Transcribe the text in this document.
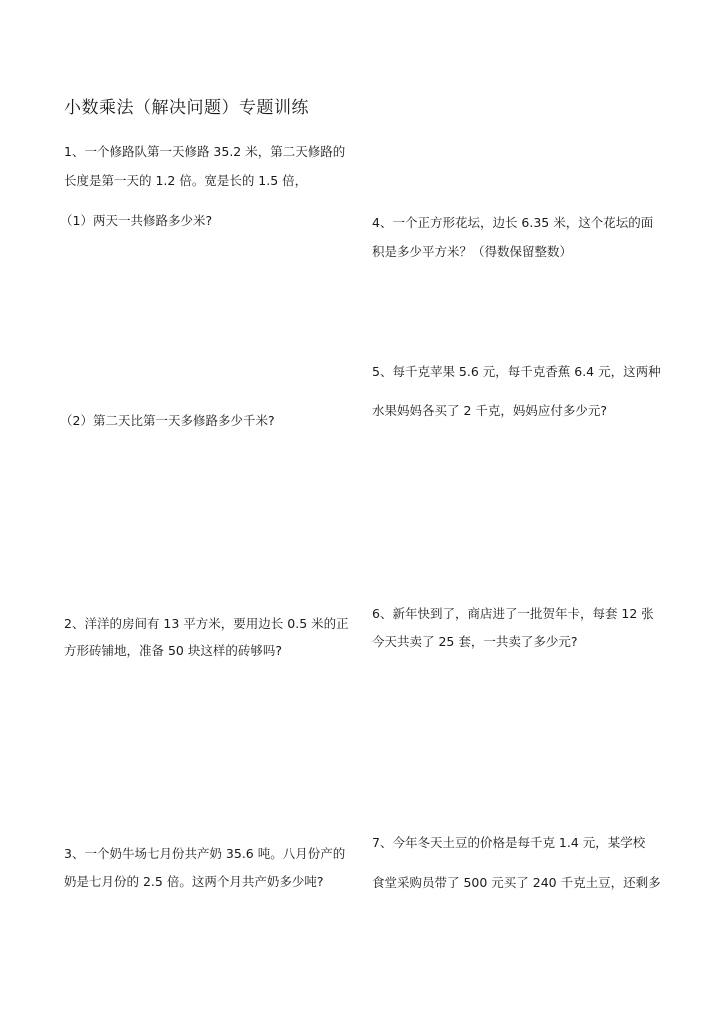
小数乘法（解决问题）专题训练
1、一个修路队第一天修路 35.2 米，第二天修路的
长度是第一天的 1.2 倍。宽是长的 1.5 倍，
（1）两天一共修路多少米?
（2）第二天比第一天多修路多少千米?
2、洋洋的房间有 13 平方米，要用边长 0.5 米的正
方形砖铺地，准备 50 块这样的砖够吗?
3、一个奶牛场七月份共产奶 35.6 吨。八月份产的
奶是七月份的 2.5 倍。这两个月共产奶多少吨?
4、一个正方形花坛，边长 6.35 米，这个花坛的面
积是多少平方米？（得数保留整数）
5、每千克苹果 5.6 元，每千克香蕉 6.4 元，这两种
水果妈妈各买了 2 千克，妈妈应付多少元?
6、新年快到了，商店进了一批贺年卡，每套 12 张
今天共卖了 25 套，一共卖了多少元?
7、今年冬天土豆的价格是每千克 1.4 元，某学校
食堂采购员带了 500 元买了 240 千克土豆，还剩多
